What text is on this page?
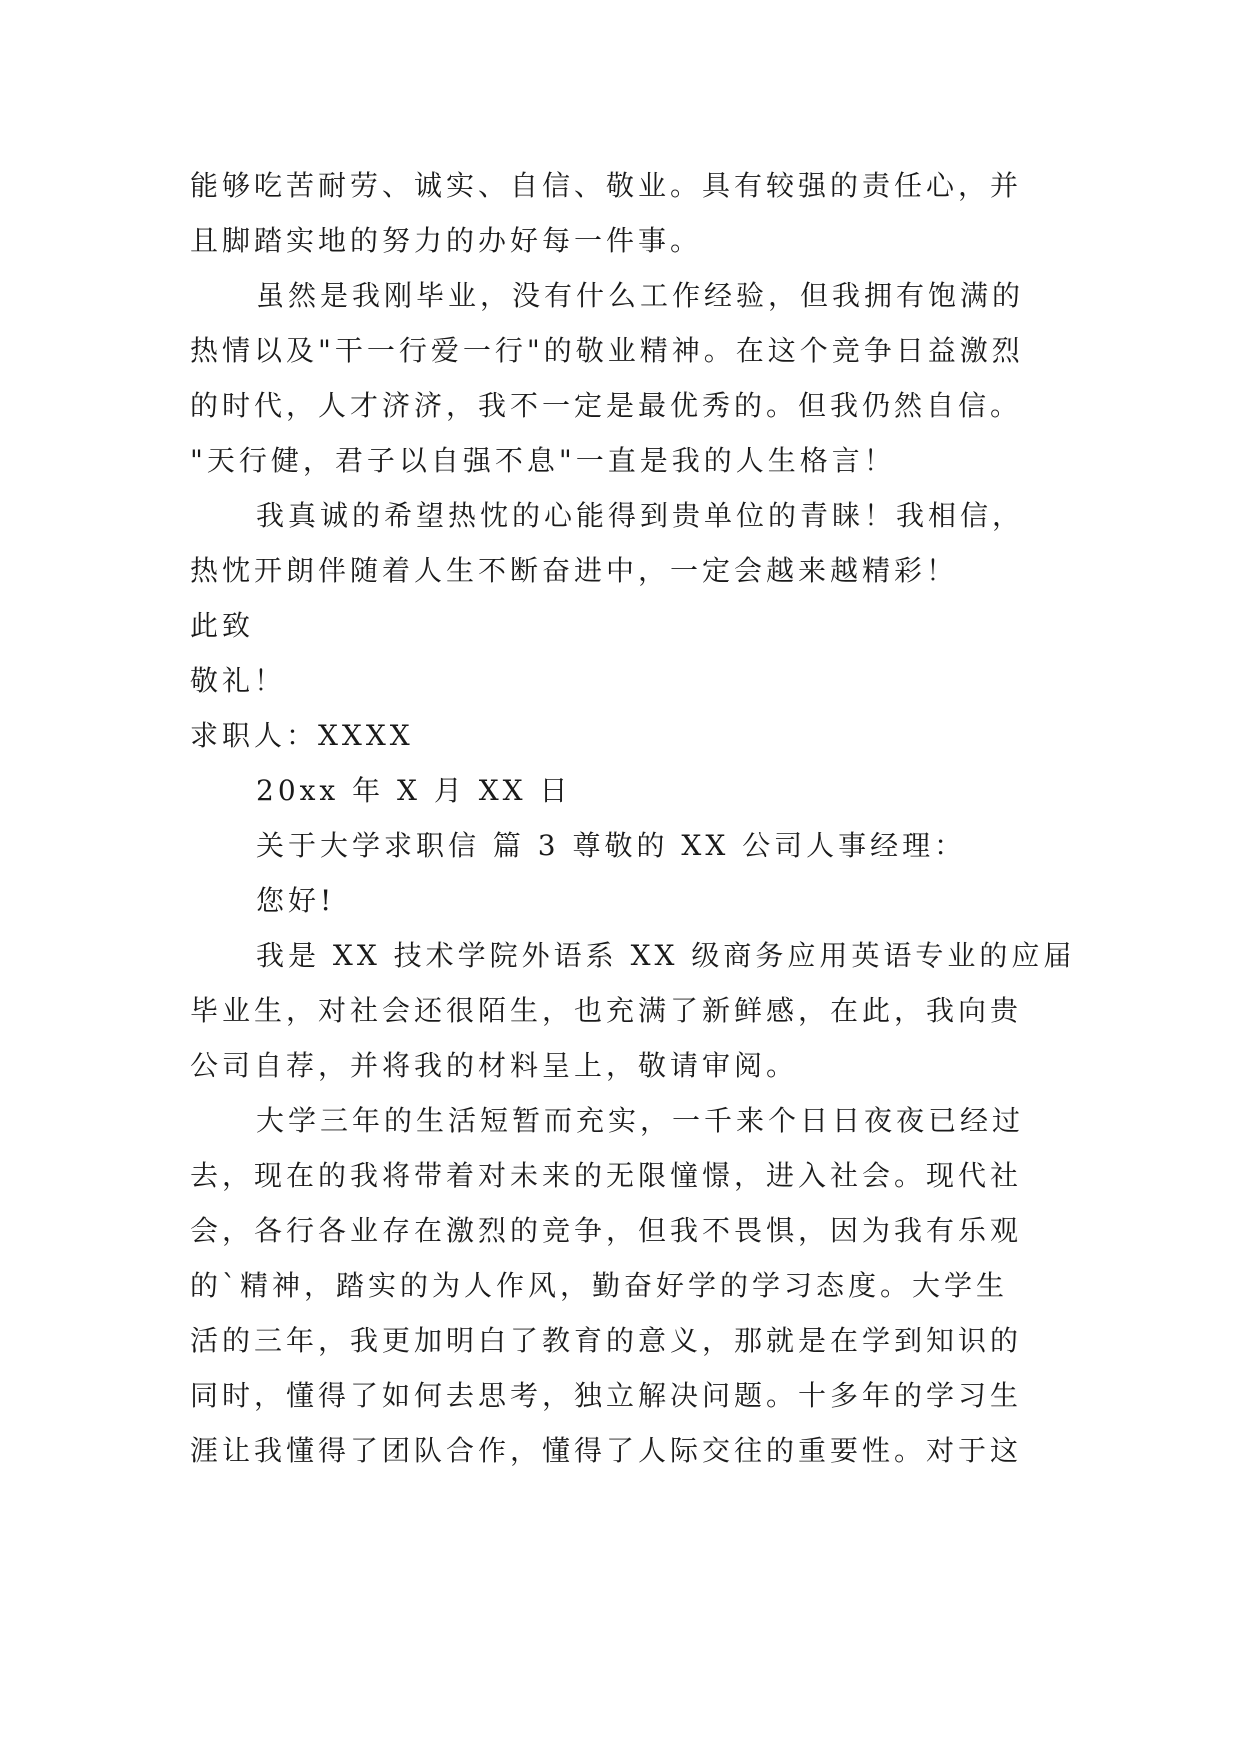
能够吃苦耐劳、诚实、自信、敬业。具有较强的责任心，并
且脚踏实地的努力的办好每一件事。
虽然是我刚毕业，没有什么工作经验，但我拥有饱满的
热情以及"干一行爱一行"的敬业精神。在这个竞争日益激烈
的时代，人才济济，我不一定是最优秀的。但我仍然自信。
"天行健，君子以自强不息"一直是我的人生格言！
我真诚的希望热忱的心能得到贵单位的青睐！我相信，
热忱开朗伴随着人生不断奋进中，一定会越来越精彩！
此致
敬礼！
求职人：XXXX
20xx 年 X 月 XX 日
关于大学求职信 篇 3 尊敬的 XX 公司人事经理：
您好!
我是 XX 技术学院外语系 XX 级商务应用英语专业的应届
毕业生，对社会还很陌生，也充满了新鲜感，在此，我向贵
公司自荐，并将我的材料呈上，敬请审阅。
大学三年的生活短暂而充实，一千来个日日夜夜已经过
去，现在的我将带着对未来的无限憧憬，进入社会。现代社
会，各行各业存在激烈的竞争，但我不畏惧，因为我有乐观
的`精神，踏实的为人作风，勤奋好学的学习态度。大学生
活的三年，我更加明白了教育的意义，那就是在学到知识的
同时，懂得了如何去思考，独立解决问题。十多年的学习生
涯让我懂得了团队合作，懂得了人际交往的重要性。对于这
